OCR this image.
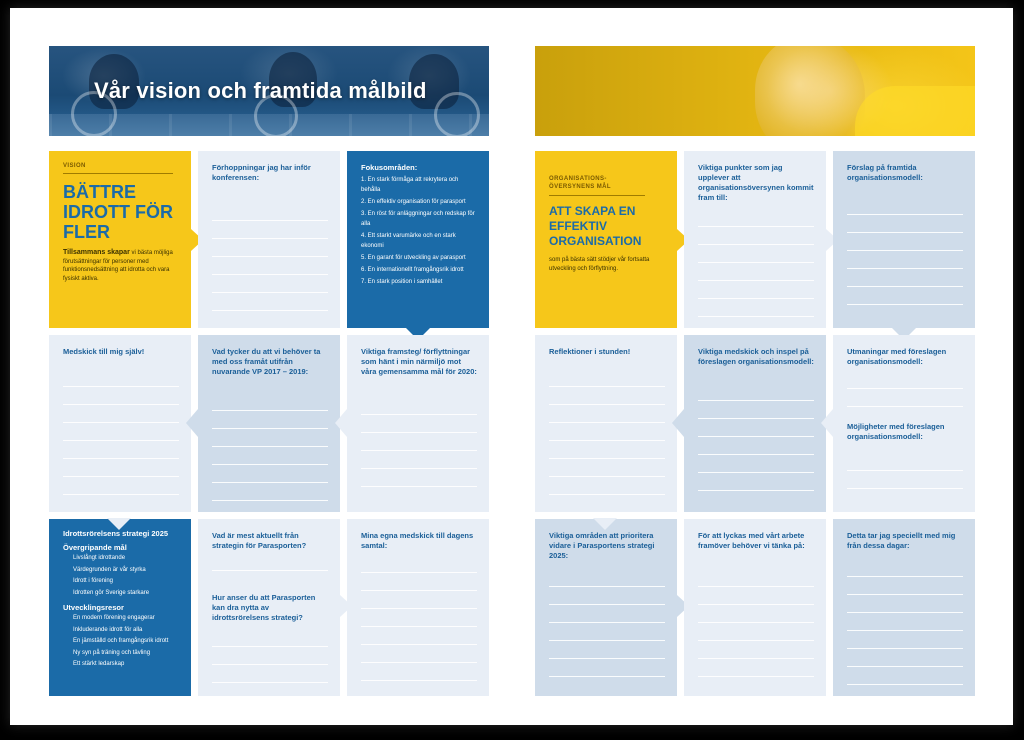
Vår vision och framtida målbild
VISION
BÄTTRE IDROTT FÖR FLER
Tillsammans skapar vi bästa möjliga förutsättningar för personer med funktionsnedsättning att idrotta och vara fysiskt aktiva.
Förhoppningar jag har inför konferensen:
Fokusområden:
1. En stark förmåga att rekrytera och behålla
2. En effektiv organisation för parasport
3. En röst för anläggningar och redskap för alla
4. Ett starkt varumärke och en stark ekonomi
5. En garant för utveckling av parasport
6. En internationellt framgångsrik idrott
7. En stark position i samhället
Medskick till mig själv!	Vad tycker du att vi behöver ta med oss framåt utifrån nuvarande VP 2017 – 2019:
Viktiga framsteg/ förflyttningar som hänt i min närmiljö mot våra gemensamma mål för 2020:
Idrottsrörelsens strategi 2025
Övergripande mål
Livslångt idrottande
Värdegrunden är vår styrka
Idrott i förening
Idrotten gör Sverige starkare
Utvecklingsresor
En modern förening engagerar
Inkluderande idrott för alla
En jämställd och framgångsrik idrott
Ny syn på träning och tävling
Ett stärkt ledarskap
Vad är mest aktuellt från strategin för Parasporten?
Hur anser du att Parasporten kan dra nytta av idrottsrörelsens strategi?
Mina egna medskick till dagens samtal:
ORGANISATIONS-ÖVERSYNENS MÅL
ATT SKAPA EN EFFEKTIV ORGANISATION
som på bästa sätt stödjer vår fortsatta utveckling och förflyttning.
Viktiga punkter som jag upplever att organisationsöversynen kommit fram till:
Förslag på framtida organisationsmodell:
Reflektioner i stunden!	Viktiga medskick och inspel på föreslagen organisationsmodell:
Utmaningar med föreslagen organisationsmodell:
Möjligheter med föreslagen organisationsmodell:
Viktiga områden att prioritera vidare i Parasportens strategi 2025:
För att lyckas med vårt arbete framöver behöver vi tänka på:
Detta tar jag speciellt med mig från dessa dagar:
